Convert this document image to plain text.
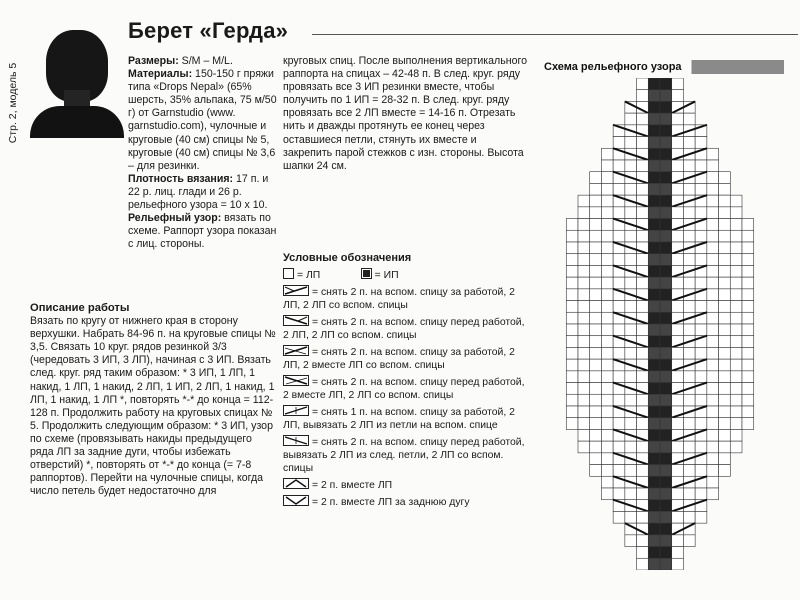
Стр. 2, модель 5
Берет «Герда»

Размеры: S/M – M/L.

Материалы: 150-150 г пряжи типа «Drops Nepal» (65% шерсть, 35% альпака, 75 м/50 г) от Garnstudio (www. garnstudio.com), чулочные и круговые (40 см) спицы № 5, круговые (40 см) спицы № 3,6 – для резинки.

Плотность вязания: 17 п. и 22 р. лиц. глади и 26 р. рельефного узора = 10 x 10.

Рельефный узор: вязать по схеме. Раппорт узора показан с лиц. стороны.

Описание работы

Вязать по кругу от нижнего края в сторону верхушки. Набрать 84-96 п. на круговые спицы № 3,5. Связать 10 круг. рядов резинкой 3/3 (чередовать 3 ИП, 3 ЛП), начиная с 3 ИП. Вязать след. круг. ряд таким образом: * 3 ИП, 1 ЛП, 1 накид, 1 ЛП, 1 накид, 2 ЛП, 1 ИП, 2 ЛП, 1 накид, 1 ЛП, 1 накид, 1 ЛП *, повторять *-* до конца = 112-128 п. Продолжить работу на круговых спицах № 5. Продолжить следующим образом: * 3 ИП, узор по схеме (провязывать накиды предыдущего ряда ЛП за задние дуги, чтобы избежать отверстий) *, повторять от *-* до конца (= 7-8 раппортов). Перейти на чулочные спицы, когда число петель будет недостаточно для

круговых спиц. После выполнения вертикального раппорта на спицах – 42-48 п. В след. круг. ряду провязать все 3 ИП резинки вместе, чтобы получить по 1 ИП = 28-32 п. В след. круг. ряду провязать все 2 ЛП вместе = 14-16 п. Отрезать нить и дважды протянуть ее конец через оставшиеся петли, стянуть их вместе и закрепить парой стежков с изн. стороны. Высота шапки 24 см.

Условные обозначения
= ЛП	= ИП
= снять 2 п. на вспом. спицу за работой, 2 ЛП, 2 ЛП со вспом. спицы
= снять 2 п. на вспом. спицу перед работой, 2 ЛП, 2 ЛП со вспом. спицы
= снять 2 п. на вспом. спицу за работой, 2 ЛП, 2 вместе ЛП со вспом. спицы
= снять 2 п. на вспом. спицу перед работой, 2 вместе ЛП, 2 ЛП со вспом. спицы
= снять 1 п. на вспом. спицу за работой, 2 ЛП, вывязать 2 ЛП из петли на вспом. спице
= снять 2 п. на вспом. спицу перед работой, вывязать 2 ЛП из след. петли, 2 ЛП со вспом. спицы
= 2 п. вместе ЛП
= 2 п. вместе ЛП за заднюю дугу
Схема рельефного узора
